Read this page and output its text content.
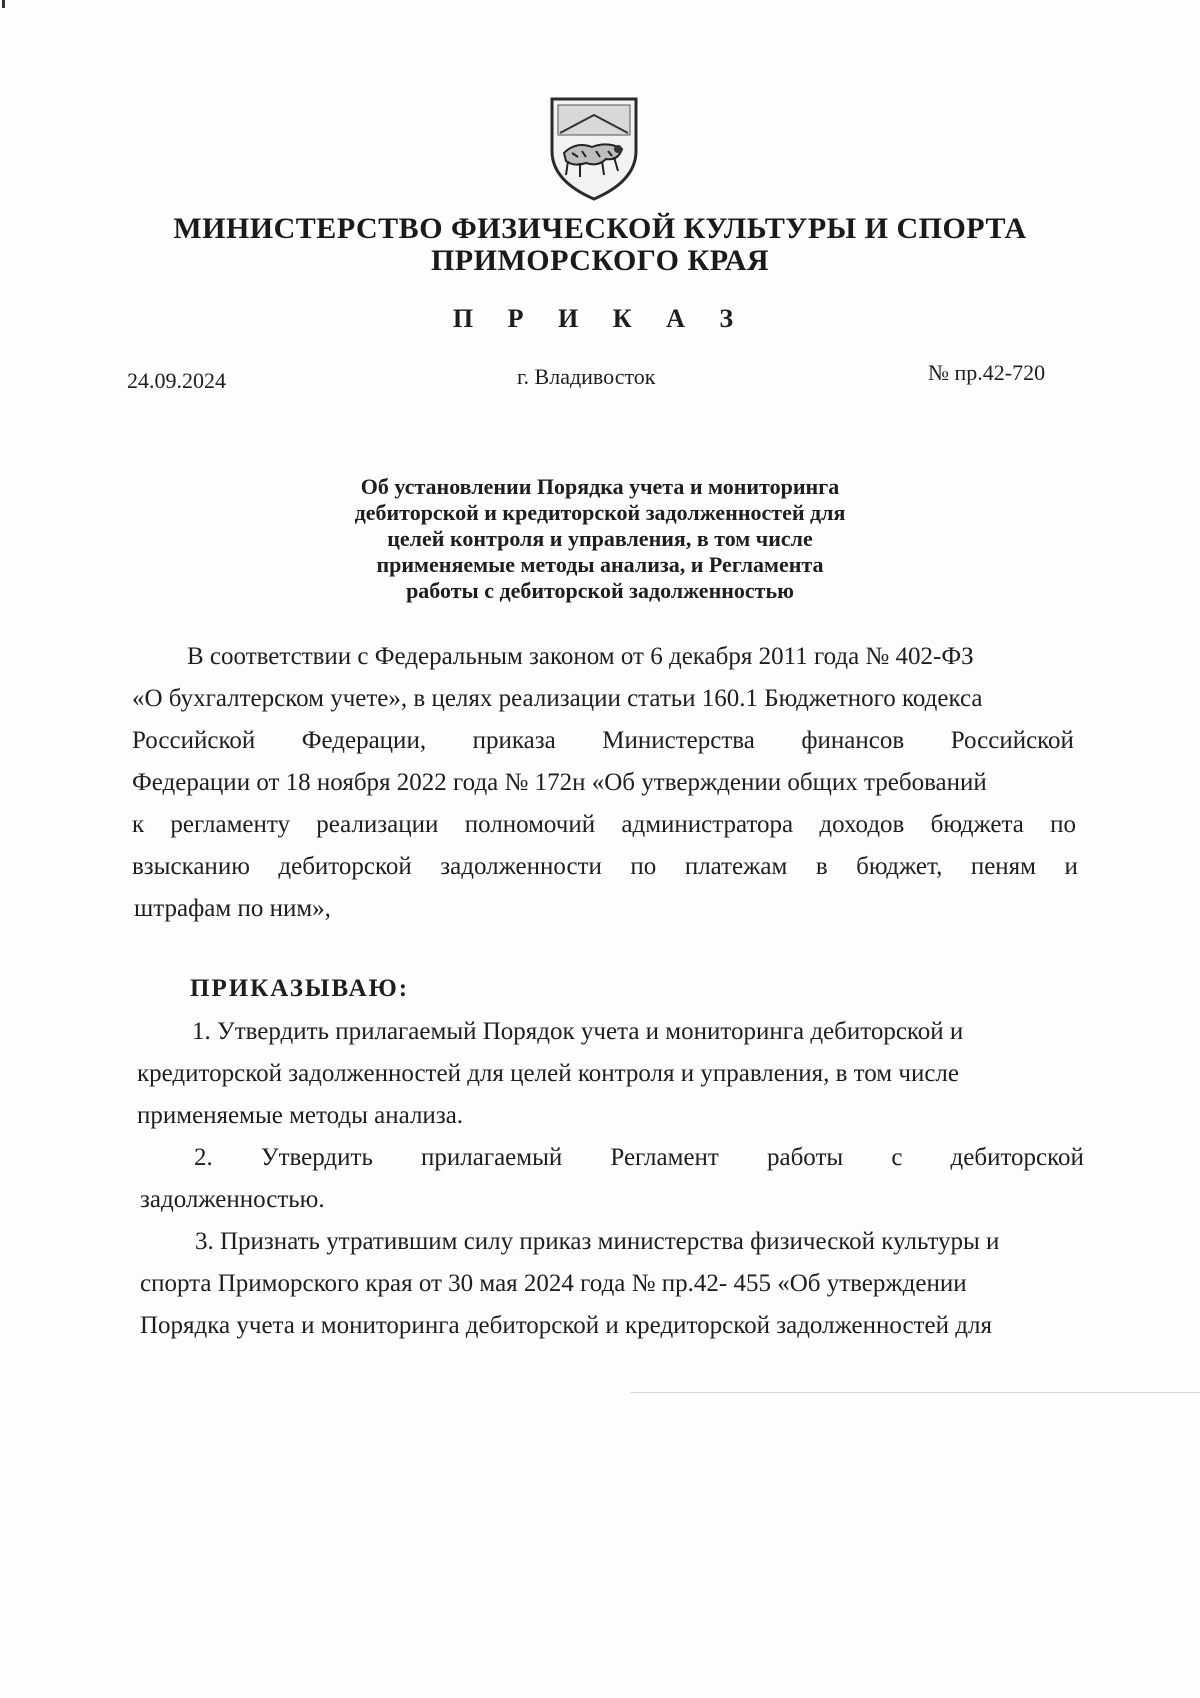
МИНИСТЕРСТВО ФИЗИЧЕСКОЙ КУЛЬТУРЫ И СПОРТА
ПРИМОРСКОГО КРАЯ
П Р И К А З
24.09.2024	г. Владивосток	№ пр.42-720
Об установлении Порядка учета и мониторинга
дебиторской и кредиторской задолженностей для
целей контроля и управления, в том числе
применяемые методы анализа, и Регламента
работы с дебиторской задолженностью
В соответствии с Федеральным законом от 6 декабря 2011 года № 402-ФЗ
«О бухгалтерском учете», в целях реализации статьи 160.1 Бюджетного кодекса
Российской Федерации, приказа Министерства финансов Российской
Федерации от 18 ноября 2022 года № 172н «Об утверждении общих требований
к регламенту реализации полномочий администратора доходов бюджета по
взысканию дебиторской задолженности по платежам в бюджет, пеням и
штрафам по ним»,
ПРИКАЗЫВАЮ:
1. Утвердить прилагаемый Порядок учета и мониторинга дебиторской и
кредиторской задолженностей для целей контроля и управления, в том числе
применяемые методы анализа.
2. Утвердить прилагаемый Регламент работы с дебиторской
задолженностью.
3. Признать утратившим силу приказ министерства физической культуры и
спорта Приморского края от 30 мая 2024 года № пр.42- 455 «Об утверждении
Порядка учета и мониторинга дебиторской и кредиторской задолженностей для
